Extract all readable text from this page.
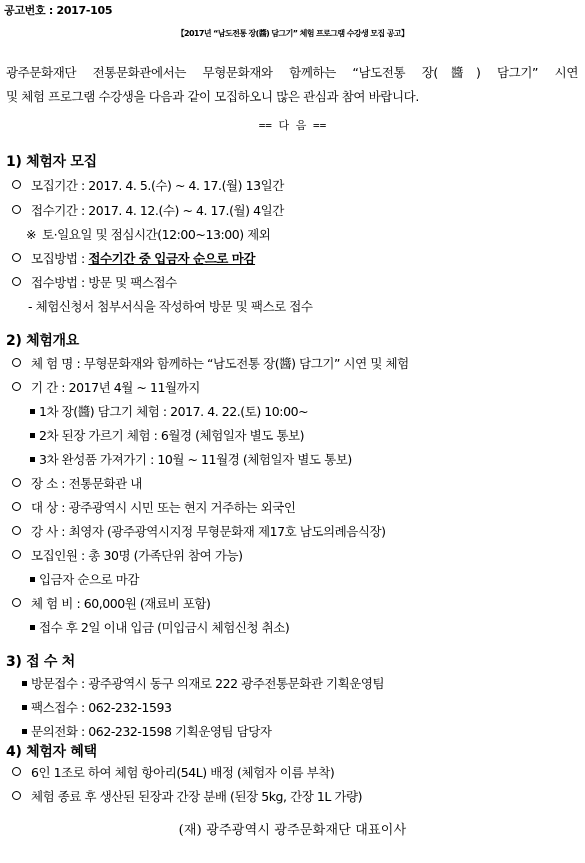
공고번호 : 2017-105
【2017년 “남도전통 장(醬) 담그기” 체험 프로그램 수강생 모집 공고】
광주문화재단 전통문화관에서는 무형문화재와 함께하는 “남도전통 장(醬) 담그기” 시연
및 체험 프로그램 수강생을 다음과 같이 모집하오니 많은 관심과 참여 바랍니다.
== 다 음 ==
1) 체험자 모집
모집기간 : 2017. 4. 5.(수) ~ 4. 17.(월) 13일간
접수기간 : 2017. 4. 12.(수) ~ 4. 17.(월) 4일간
※ 토·일요일 및 점심시간(12:00~13:00) 제외
모집방법 : 접수기간 중 입금자 순으로 마감
접수방법 : 방문 및 팩스접수
- 체험신청서 첨부서식을 작성하여 방문 및 팩스로 접수
2) 체험개요
체 험 명 : 무형문화재와 함께하는 “남도전통 장(醬) 담그기” 시연 및 체험
기 간 : 2017년 4월 ~ 11월까지
1차 장(醬) 담그기 체험 : 2017. 4. 22.(토) 10:00~
2차 된장 가르기 체험 : 6월경 (체험일자 별도 통보)
3차 완성품 가져가기 : 10월 ~ 11월경 (체험일자 별도 통보)
장 소 : 전통문화관 내
대 상 : 광주광역시 시민 또는 현지 거주하는 외국인
강 사 : 최영자 (광주광역시지정 무형문화재 제17호 남도의례음식장)
모집인원 : 총 30명 (가족단위 참여 가능)
입금자 순으로 마감
체 험 비 : 60,000원 (재료비 포함)
접수 후 2일 이내 입금 (미입금시 체험신청 취소)
3) 접 수 처
방문접수 : 광주광역시 동구 의재로 222 광주전통문화관 기획운영팀
팩스접수 : 062-232-1593
문의전화 : 062-232-1598 기획운영팀 담당자
4) 체험자 혜택
6인 1조로 하여 체험 항아리(54L) 배정 (체험자 이름 부착)
체험 종료 후 생산된 된장과 간장 분배 (된장 5kg, 간장 1L 가량)
(재) 광주광역시 광주문화재단 대표이사
